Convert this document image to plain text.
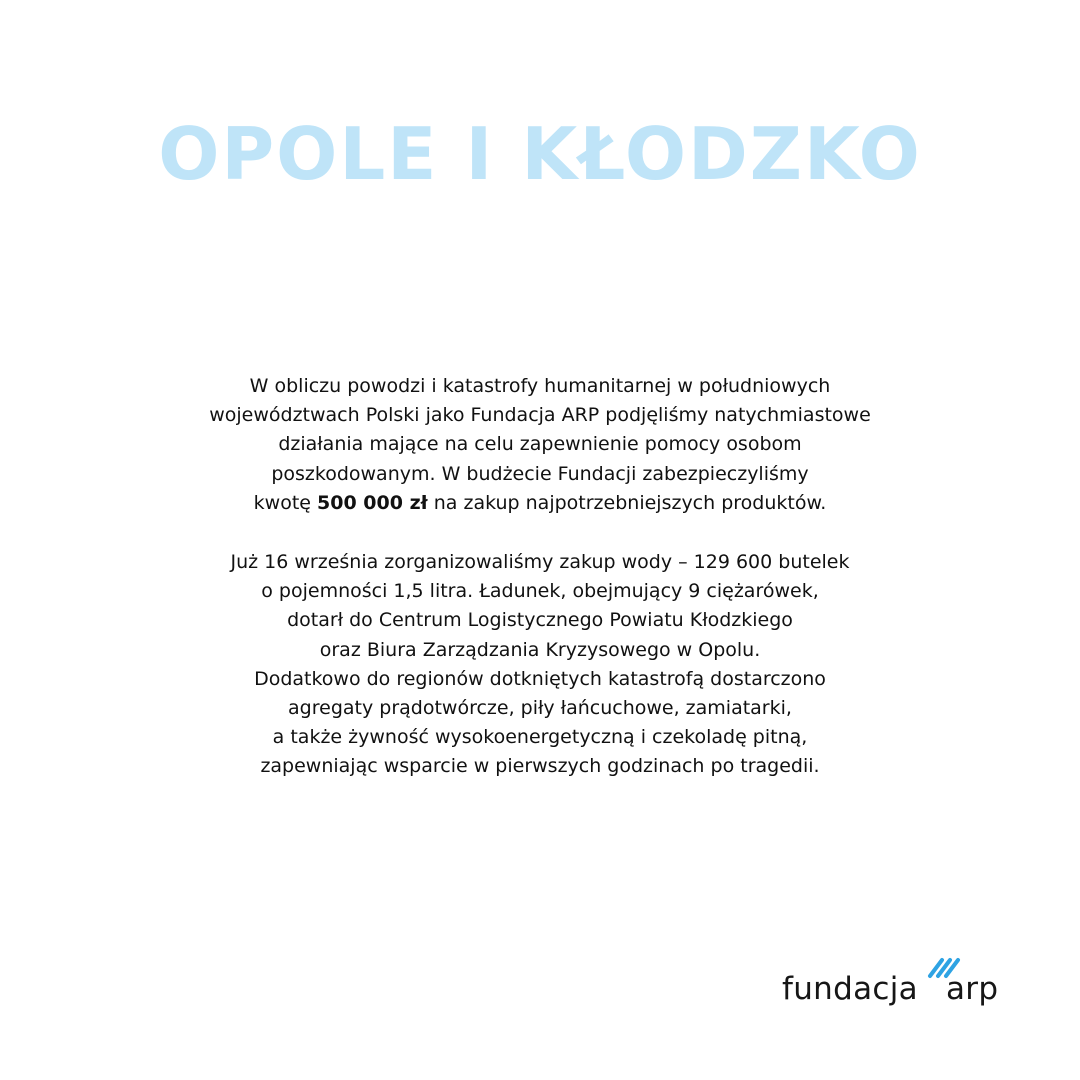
OPOLE I KŁODZKO

W obliczu powodzi i katastrofy humanitarnej w południowych
województwach Polski jako Fundacja ARP podjęliśmy natychmiastowe
działania mające na celu zapewnienie pomocy osobom
poszkodowanym. W budżecie Fundacji zabezpieczyliśmy
kwotę 500 000 zł na zakup najpotrzebniejszych produktów.

Już 16 września zorganizowaliśmy zakup wody – 129 600 butelek
o pojemności 1,5 litra. Ładunek, obejmujący 9 ciężarówek,
dotarł do Centrum Logistycznego Powiatu Kłodzkiego
oraz Biura Zarządzania Kryzysowego w Opolu.
Dodatkowo do regionów dotkniętych katastrofą dostarczono
agregaty prądotwórcze, piły łańcuchowe, zamiatarki,
a także żywność wysokoenergetyczną i czekoladę pitną,
zapewniając wsparcie w pierwszych godzinach po tragedii.

fundacja arp
